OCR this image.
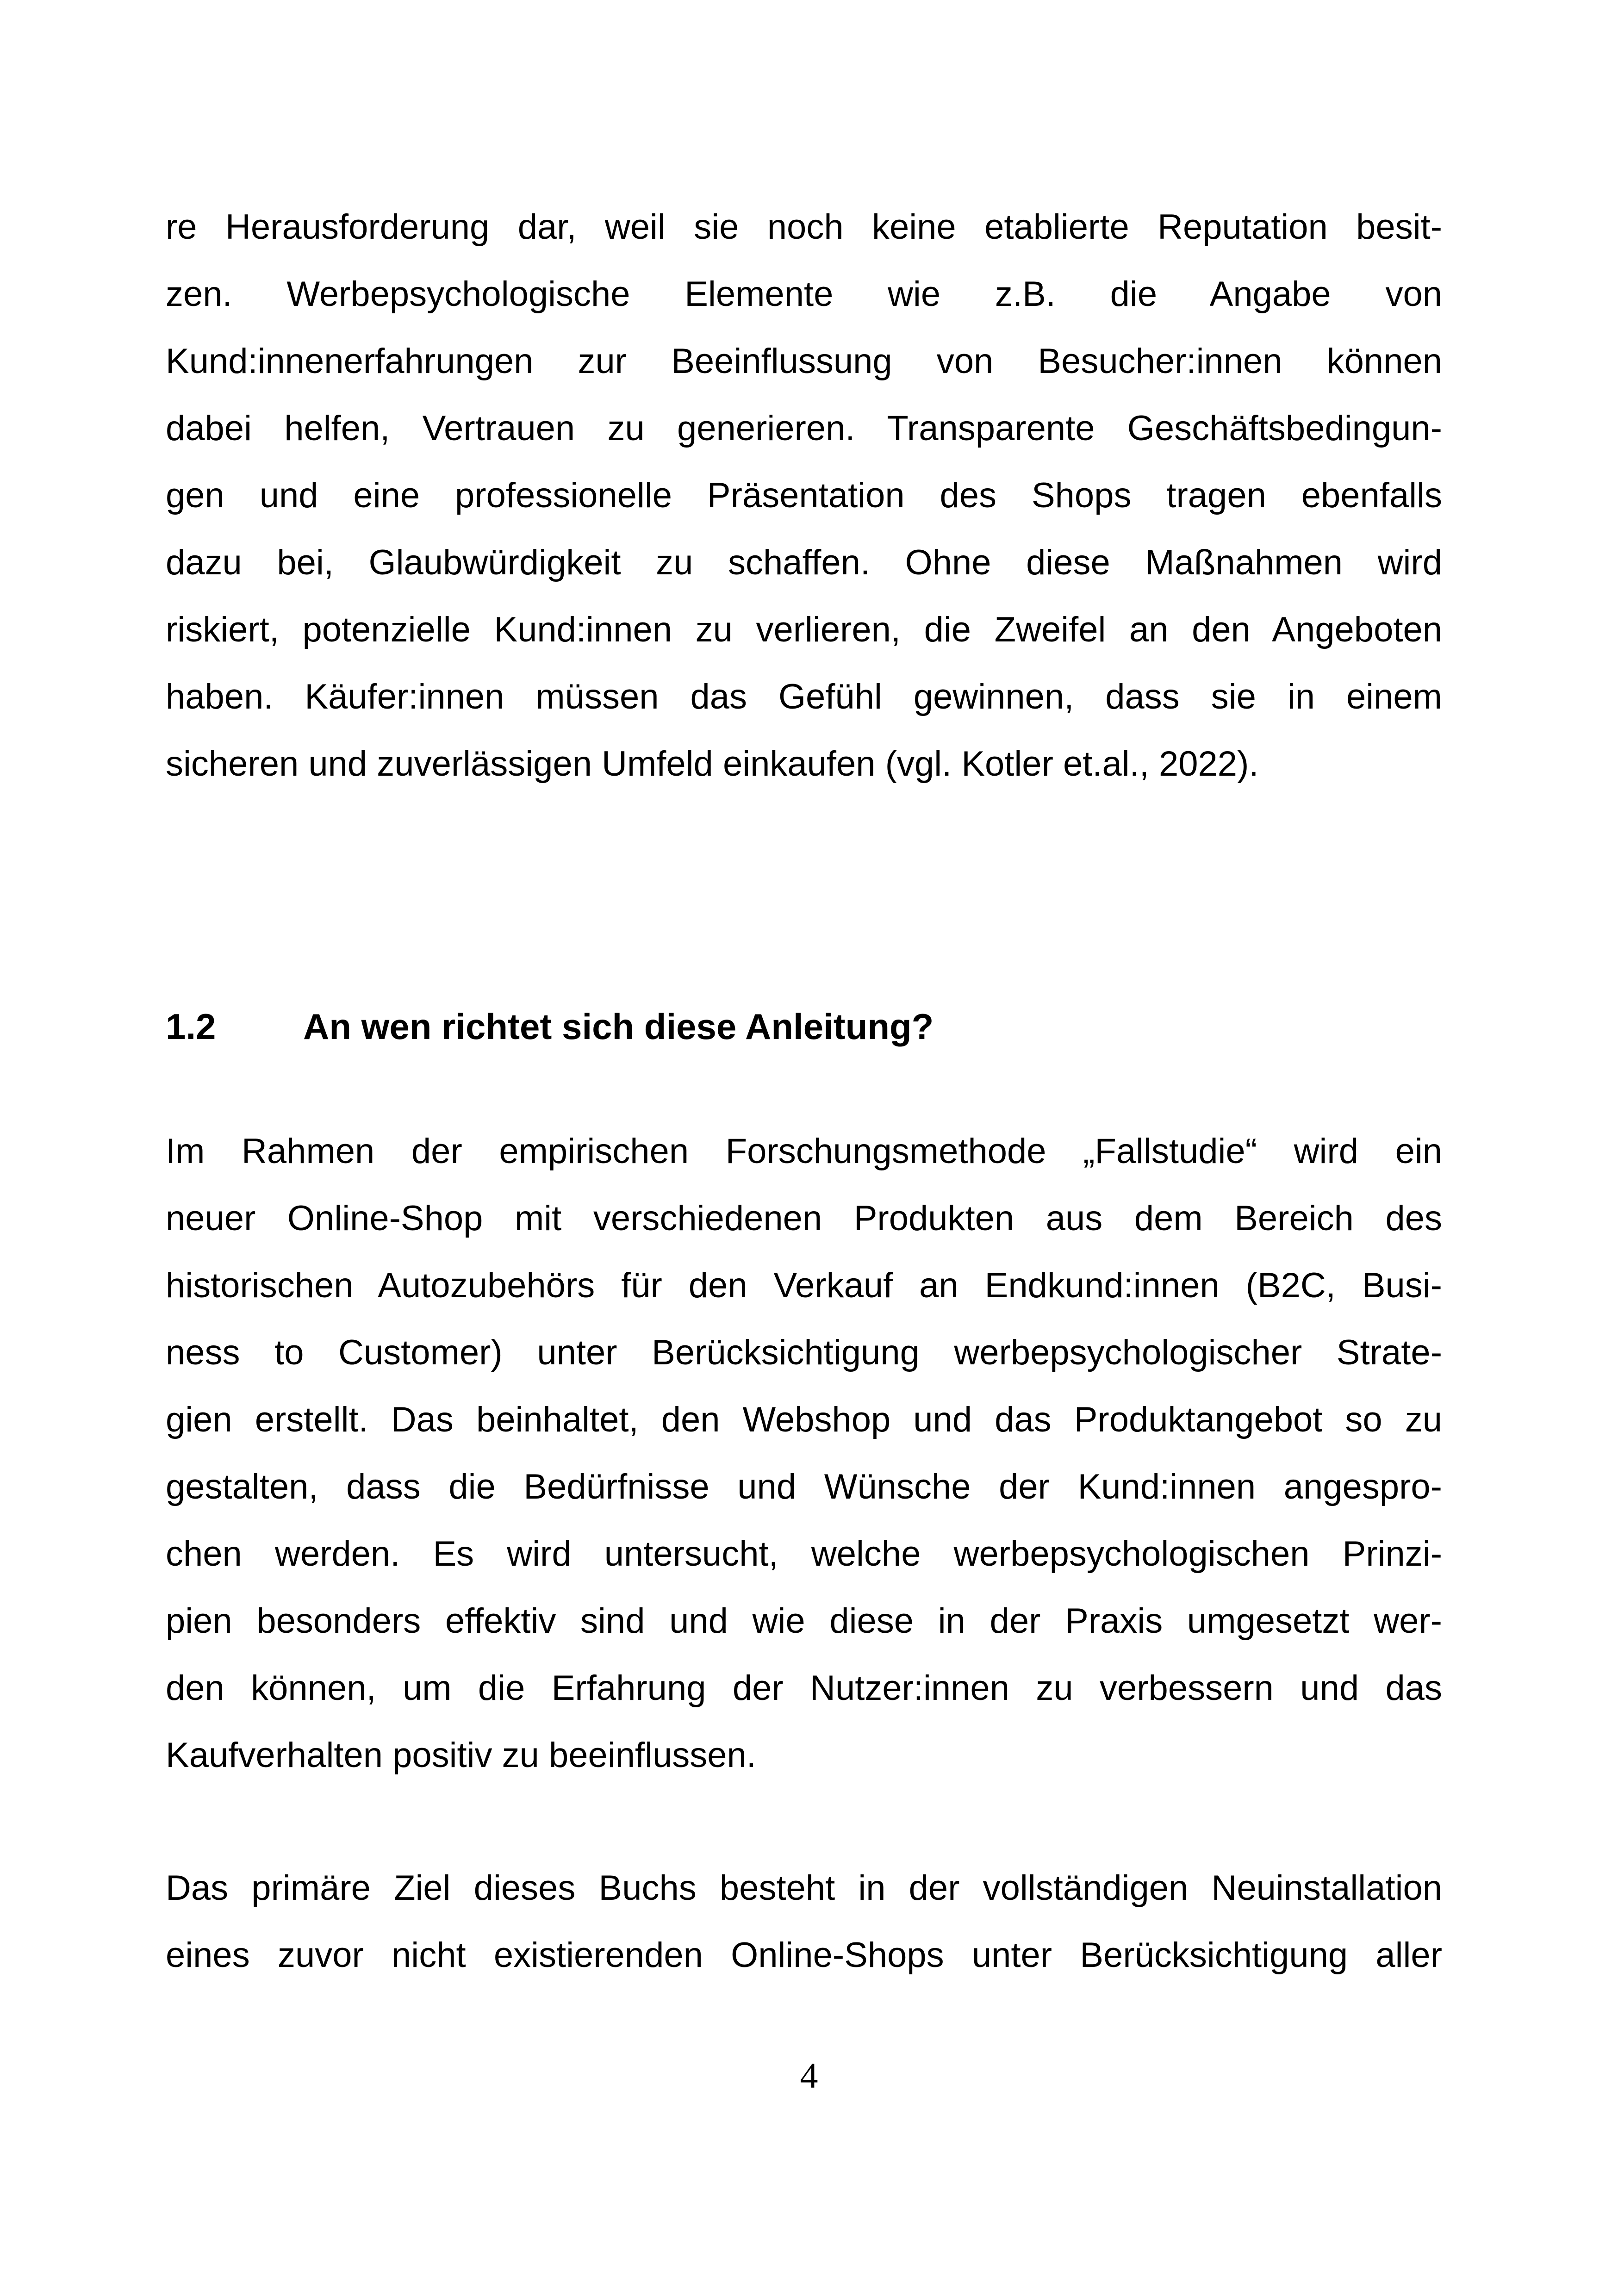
re Herausforderung dar, weil sie noch keine etablierte Reputation besit-
zen. Werbepsychologische Elemente wie z.B. die Angabe von
Kund:innenerfahrungen zur Beeinflussung von Besucher:innen können
dabei helfen, Vertrauen zu generieren. Transparente Geschäftsbedingun-
gen und eine professionelle Präsentation des Shops tragen ebenfalls
dazu bei, Glaubwürdigkeit zu schaffen. Ohne diese Maßnahmen wird
riskiert, potenzielle Kund:innen zu verlieren, die Zweifel an den Angeboten
haben. Käufer:innen müssen das Gefühl gewinnen, dass sie in einem
sicheren und zuverlässigen Umfeld einkaufen (vgl. Kotler et.al., 2022).
1.2 An wen richtet sich diese Anleitung?
Im Rahmen der empirischen Forschungsmethode „Fallstudie“ wird ein
neuer Online-Shop mit verschiedenen Produkten aus dem Bereich des
historischen Autozubehörs für den Verkauf an Endkund:innen (B2C, Busi-
ness to Customer) unter Berücksichtigung werbepsychologischer Strate-
gien erstellt. Das beinhaltet, den Webshop und das Produktangebot so zu
gestalten, dass die Bedürfnisse und Wünsche der Kund:innen angespro-
chen werden. Es wird untersucht, welche werbepsychologischen Prinzi-
pien besonders effektiv sind und wie diese in der Praxis umgesetzt wer-
den können, um die Erfahrung der Nutzer:innen zu verbessern und das
Kaufverhalten positiv zu beeinflussen.
Das primäre Ziel dieses Buchs besteht in der vollständigen Neuinstallation
eines zuvor nicht existierenden Online-Shops unter Berücksichtigung aller
4
